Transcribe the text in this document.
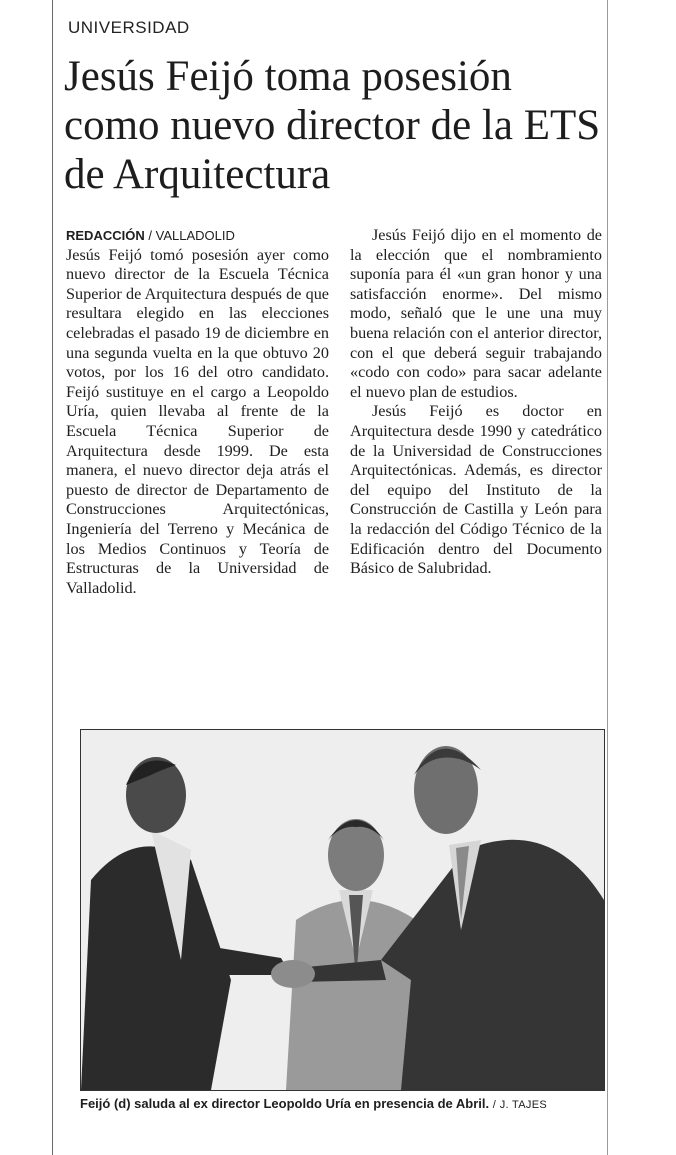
UNIVERSIDAD
Jesús Feijó toma posesión como nuevo director de la ETS de Arquitectura
REDACCIÓN / VALLADOLID

Jesús Feijó tomó posesión ayer como nuevo director de la Escuela Técnica Superior de Arquitectura después de que resultara elegido en las elecciones celebradas el pasado 19 de diciembre en una segunda vuelta en la que obtuvo 20 votos, por los 16 del otro candidato. Feijó sustituye en el cargo a Leopoldo Uría, quien llevaba al frente de la Escuela Técnica Superior de Arquitectura desde 1999. De esta manera, el nuevo director deja atrás el puesto de director de Departamento de Construcciones Arquitectónicas, Ingeniería del Terreno y Mecánica de los Medios Continuos y Teoría de Estructuras de la Universidad de Valladolid.

Jesús Feijó dijo en el momento de la elección que el nombramiento suponía para él «un gran honor y una satisfacción enorme». Del mismo modo, señaló que le une una muy buena relación con el anterior director, con el que deberá seguir trabajando «codo con codo» para sacar adelante el nuevo plan de estudios.

Jesús Feijó es doctor en Arquitectura desde 1990 y catedrático de la Universidad de Construcciones Arquitectónicas. Además, es director del equipo del Instituto de la Construcción de Castilla y León para la redacción del Código Técnico de la Edificación dentro del Documento Básico de Salubridad.

Feijó (d) saluda al ex director Leopoldo Uría en presencia de Abril. / J. TAJES
